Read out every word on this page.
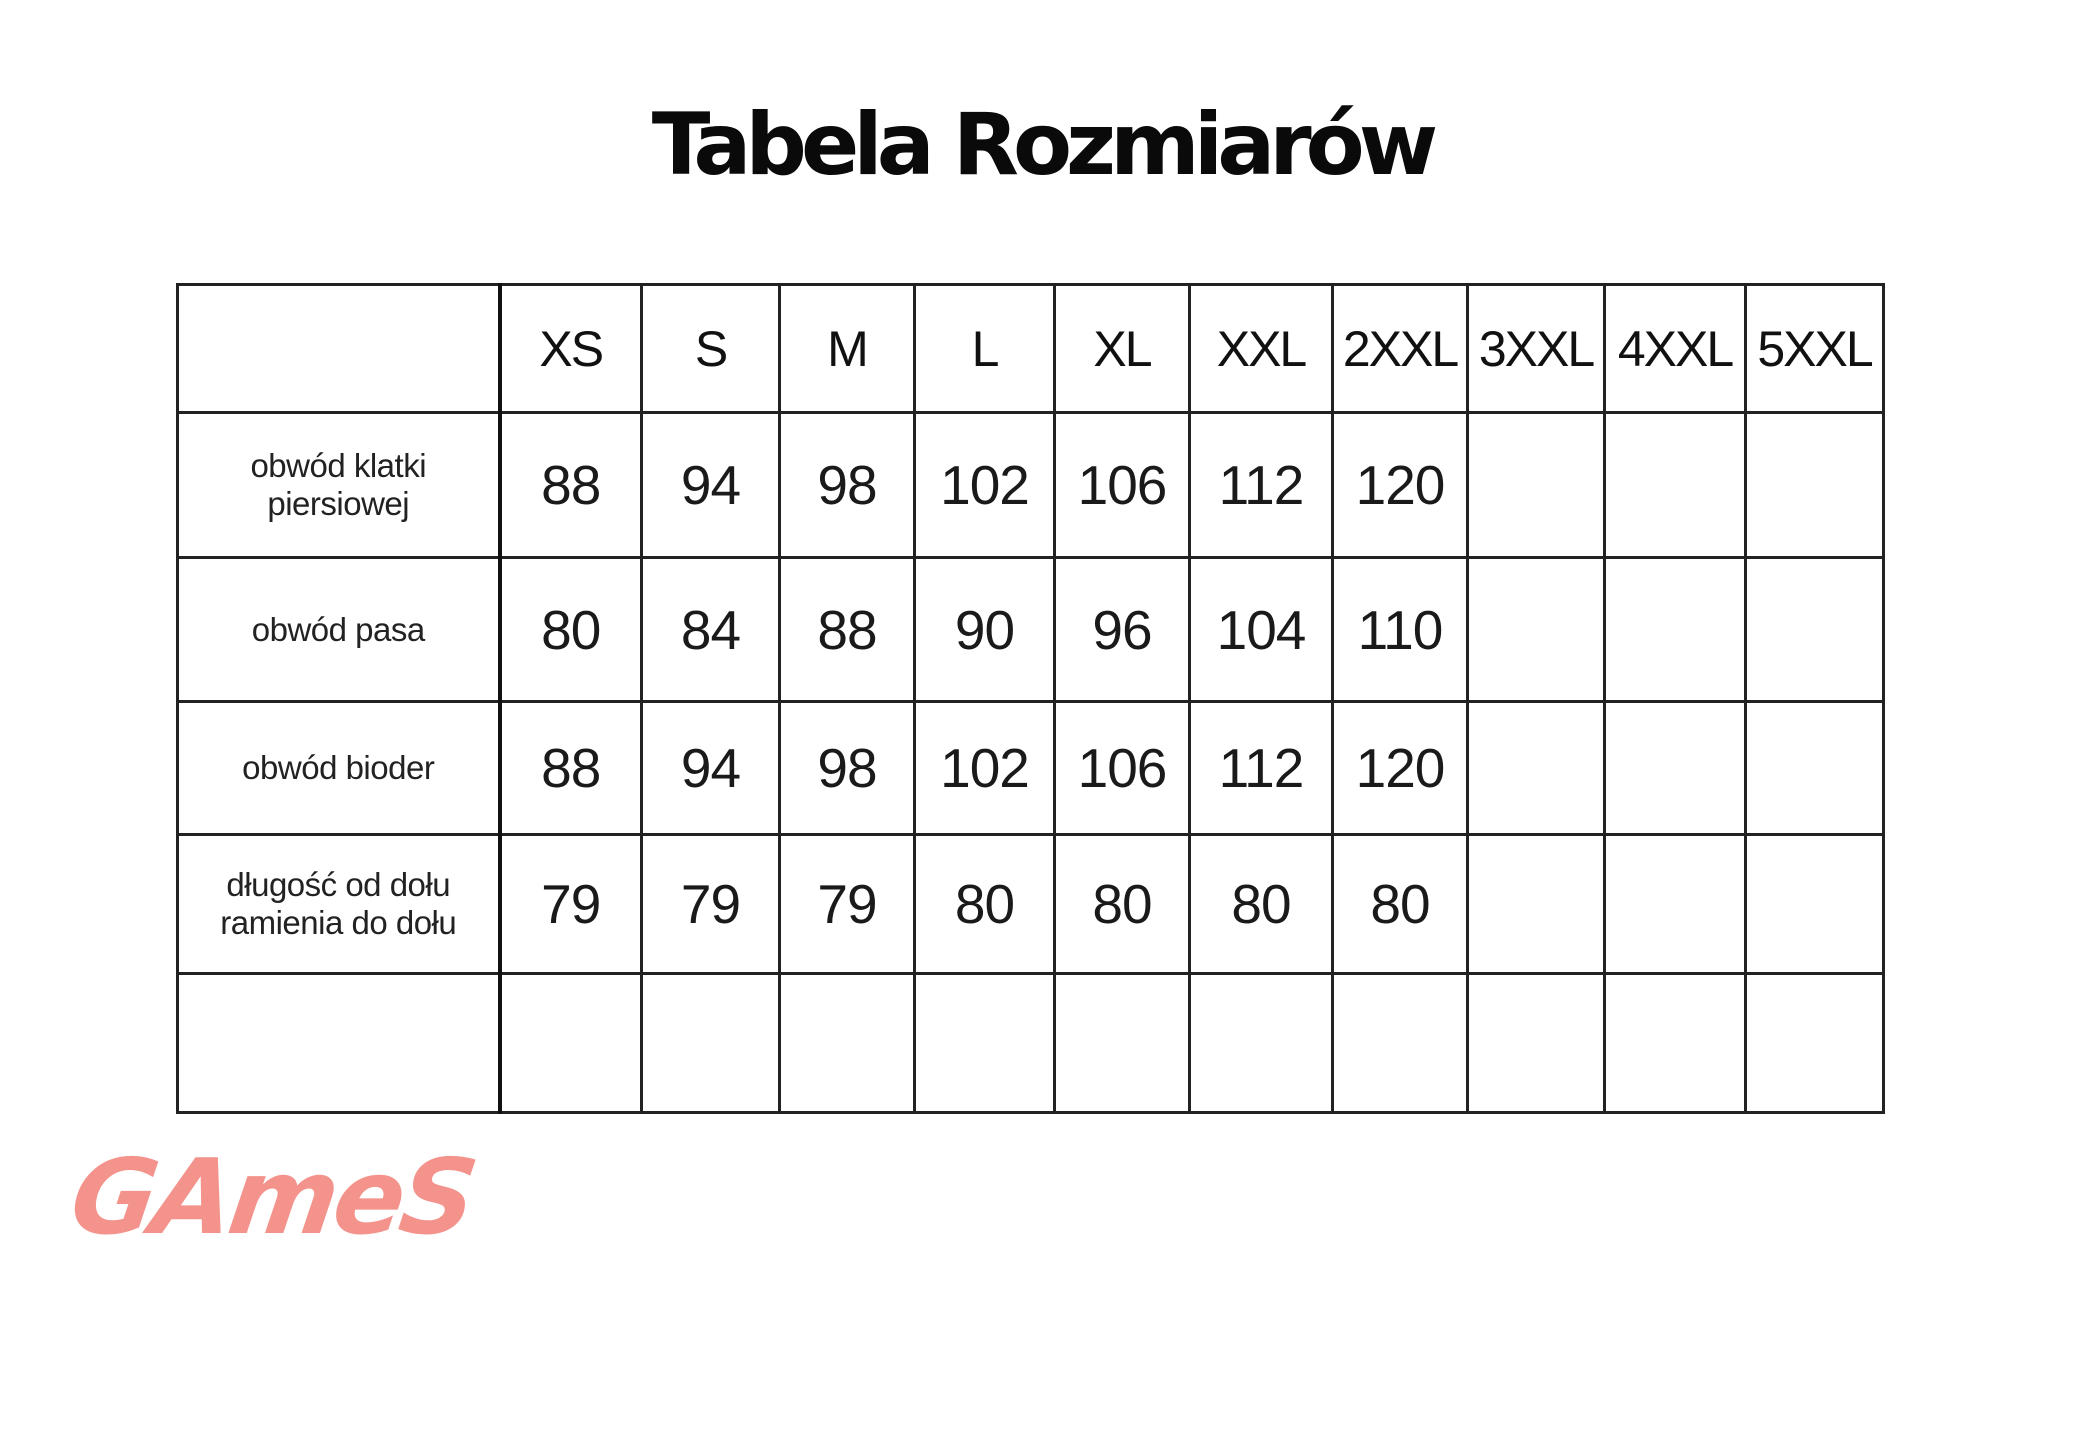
Tabela Rozmiarów
	XS	S	M	L	XL	XXL	2XXL	3XXL	4XXL	5XXL
obwód klatki
piersiowej	88	94	98	102	106	112	120			
obwód pasa	80	84	88	90	96	104	110			
obwód bioder	88	94	98	102	106	112	120			
długość od dołu
ramienia do dołu	79	79	79	80	80	80	80			

GAmeS
